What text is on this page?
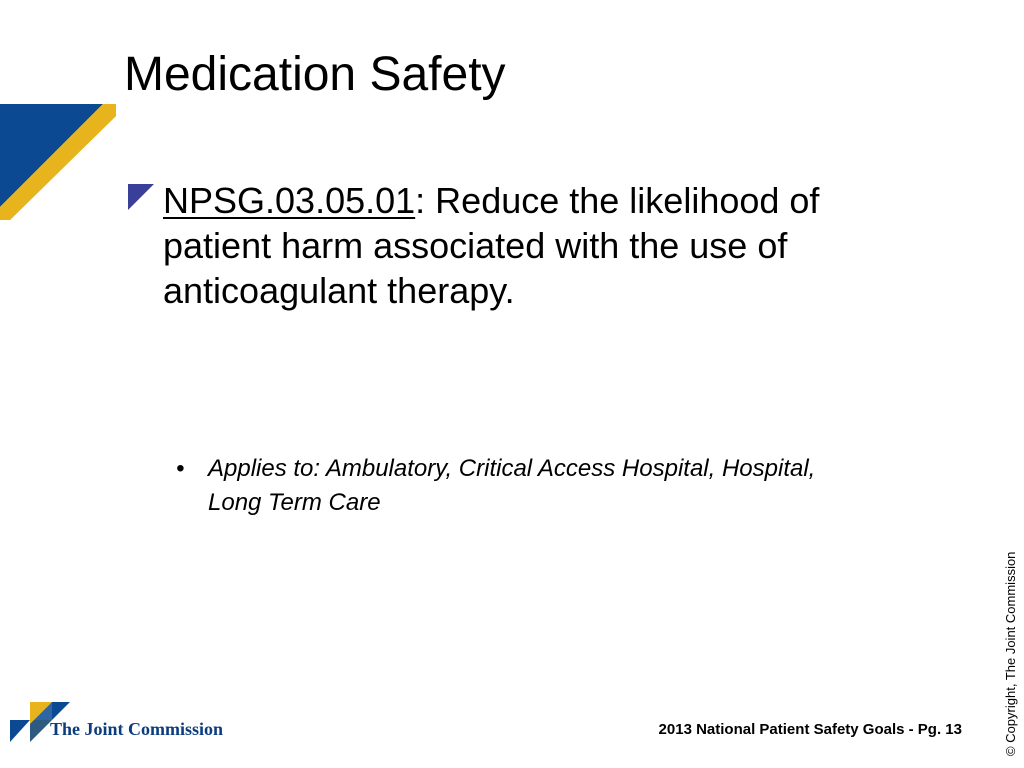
Medication Safety
NPSG.03.05.01: Reduce the likelihood of patient harm associated with the use of anticoagulant therapy.
• Applies to: Ambulatory, Critical Access Hospital, Hospital, Long Term Care
© Copyright, The Joint Commission
The Joint Commission	2013 National Patient Safety Goals - Pg. 13
